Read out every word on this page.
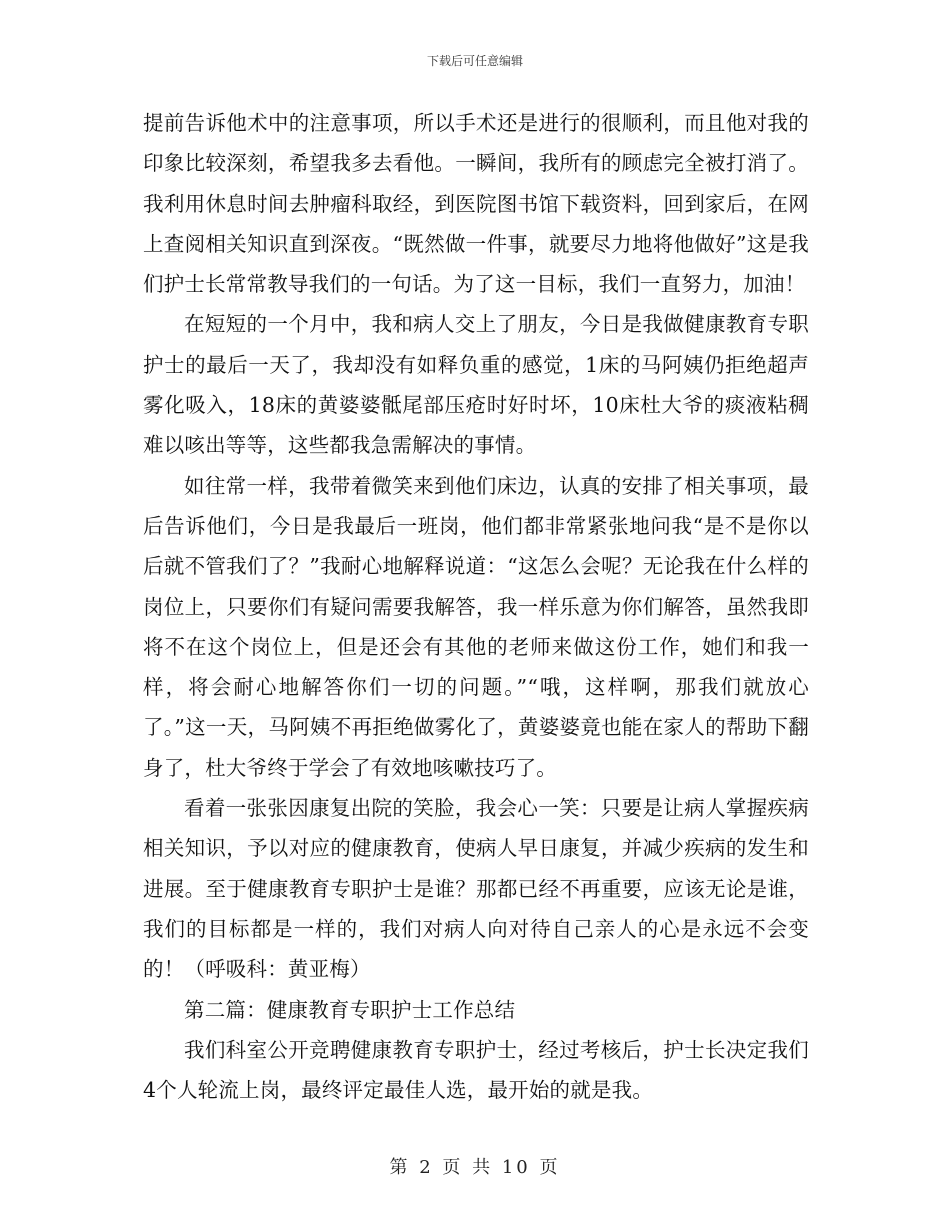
下载后可任意编辑

提前告诉他术中的注意事项，所以手术还是进行的很顺利，而且他对我的印象比较深刻，希望我多去看他。一瞬间，我所有的顾虑完全被打消了。我利用休息时间去肿瘤科取经，到医院图书馆下载资料，回到家后，在网上查阅相关知识直到深夜。“既然做一件事，就要尽力地将他做好”这是我们护士长常常教导我们的一句话。为了这一目标，我们一直努力，加油！

在短短的一个月中，我和病人交上了朋友，今日是我做健康教育专职护士的最后一天了，我却没有如释负重的感觉，1床的马阿姨仍拒绝超声雾化吸入，18床的黄婆婆骶尾部压疮时好时坏，10床杜大爷的痰液粘稠难以咳出等等，这些都我急需解决的事情。

如往常一样，我带着微笑来到他们床边，认真的安排了相关事项，最后告诉他们，今日是我最后一班岗，他们都非常紧张地问我“是不是你以后就不管我们了？”我耐心地解释说道：“这怎么会呢？无论我在什么样的岗位上，只要你们有疑问需要我解答，我一样乐意为你们解答，虽然我即将不在这个岗位上，但是还会有其他的老师来做这份工作，她们和我一样，将会耐心地解答你们一切的问题。”“哦，这样啊，那我们就放心了。”这一天，马阿姨不再拒绝做雾化了，黄婆婆竟也能在家人的帮助下翻身了，杜大爷终于学会了有效地咳嗽技巧了。

看着一张张因康复出院的笑脸，我会心一笑：只要是让病人掌握疾病相关知识，予以对应的健康教育，使病人早日康复，并减少疾病的发生和进展。至于健康教育专职护士是谁？那都已经不再重要，应该无论是谁，我们的目标都是一样的，我们对病人向对待自己亲人的心是永远不会变的！（呼吸科：黄亚梅）

第二篇：健康教育专职护士工作总结

我们科室公开竞聘健康教育专职护士，经过考核后，护士长决定我们4个人轮流上岗，最终评定最佳人选，最开始的就是我。

第 2 页 共 10 页
